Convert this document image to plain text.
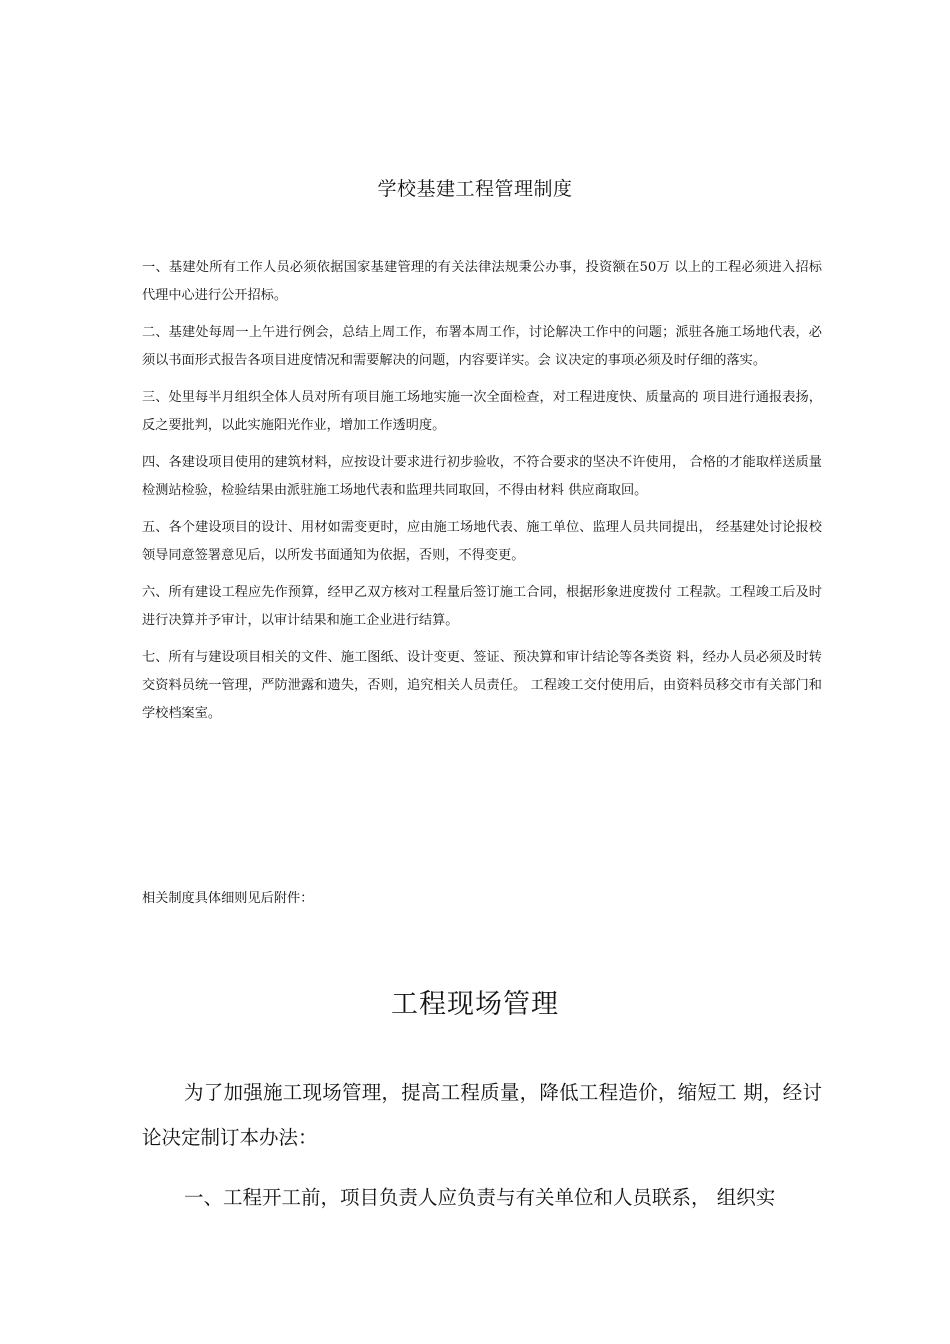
学校基建工程管理制度

一、基建处所有工作人员必须依据国家基建管理的有关法律法规秉公办事，投资额在50万 以上的工程必须进入招标代理中心进行公开招标。

二、基建处每周一上午进行例会，总结上周工作，布署本周工作，讨论解决工作中的问题；派驻各施工场地代表，必须以书面形式报告各项目进度情况和需要解决的问题，内容要详实。会 议决定的事项必须及时仔细的落实。

三、处里每半月组织全体人员对所有项目施工场地实施一次全面检查，对工程进度快、质量高的 项目进行通报表扬，反之要批判，以此实施阳光作业，增加工作透明度。

四、各建设项目使用的建筑材料，应按设计要求进行初步验收，不符合要求的坚决不许使用， 合格的才能取样送质量检测站检验，检验结果由派驻施工场地代表和监理共同取回，不得由材料 供应商取回。

五、各个建设项目的设计、用材如需变更时，应由施工场地代表、施工单位、监理人员共同提出， 经基建处讨论报校领导同意签署意见后，以所发书面通知为依据，否则，不得变更。

六、所有建设工程应先作预算，经甲乙双方核对工程量后签订施工合同，根据形象进度拨付 工程款。工程竣工后及时进行决算并予审计，以审计结果和施工企业进行结算。

七、所有与建设项目相关的文件、施工图纸、设计变更、签证、预决算和审计结论等各类资 料，经办人员必须及时转交资料员统一管理，严防泄露和遗失，否则，追究相关人员责任。 工程竣工交付使用后，由资料员移交市有关部门和学校档案室。

相关制度具体细则见后附件：
工程现场管理

为了加强施工现场管理，提高工程质量，降低工程造价，缩短工 期，经讨论决定制订本办法：

一、工程开工前，项目负责人应负责与有关单位和人员联系， 组织实
